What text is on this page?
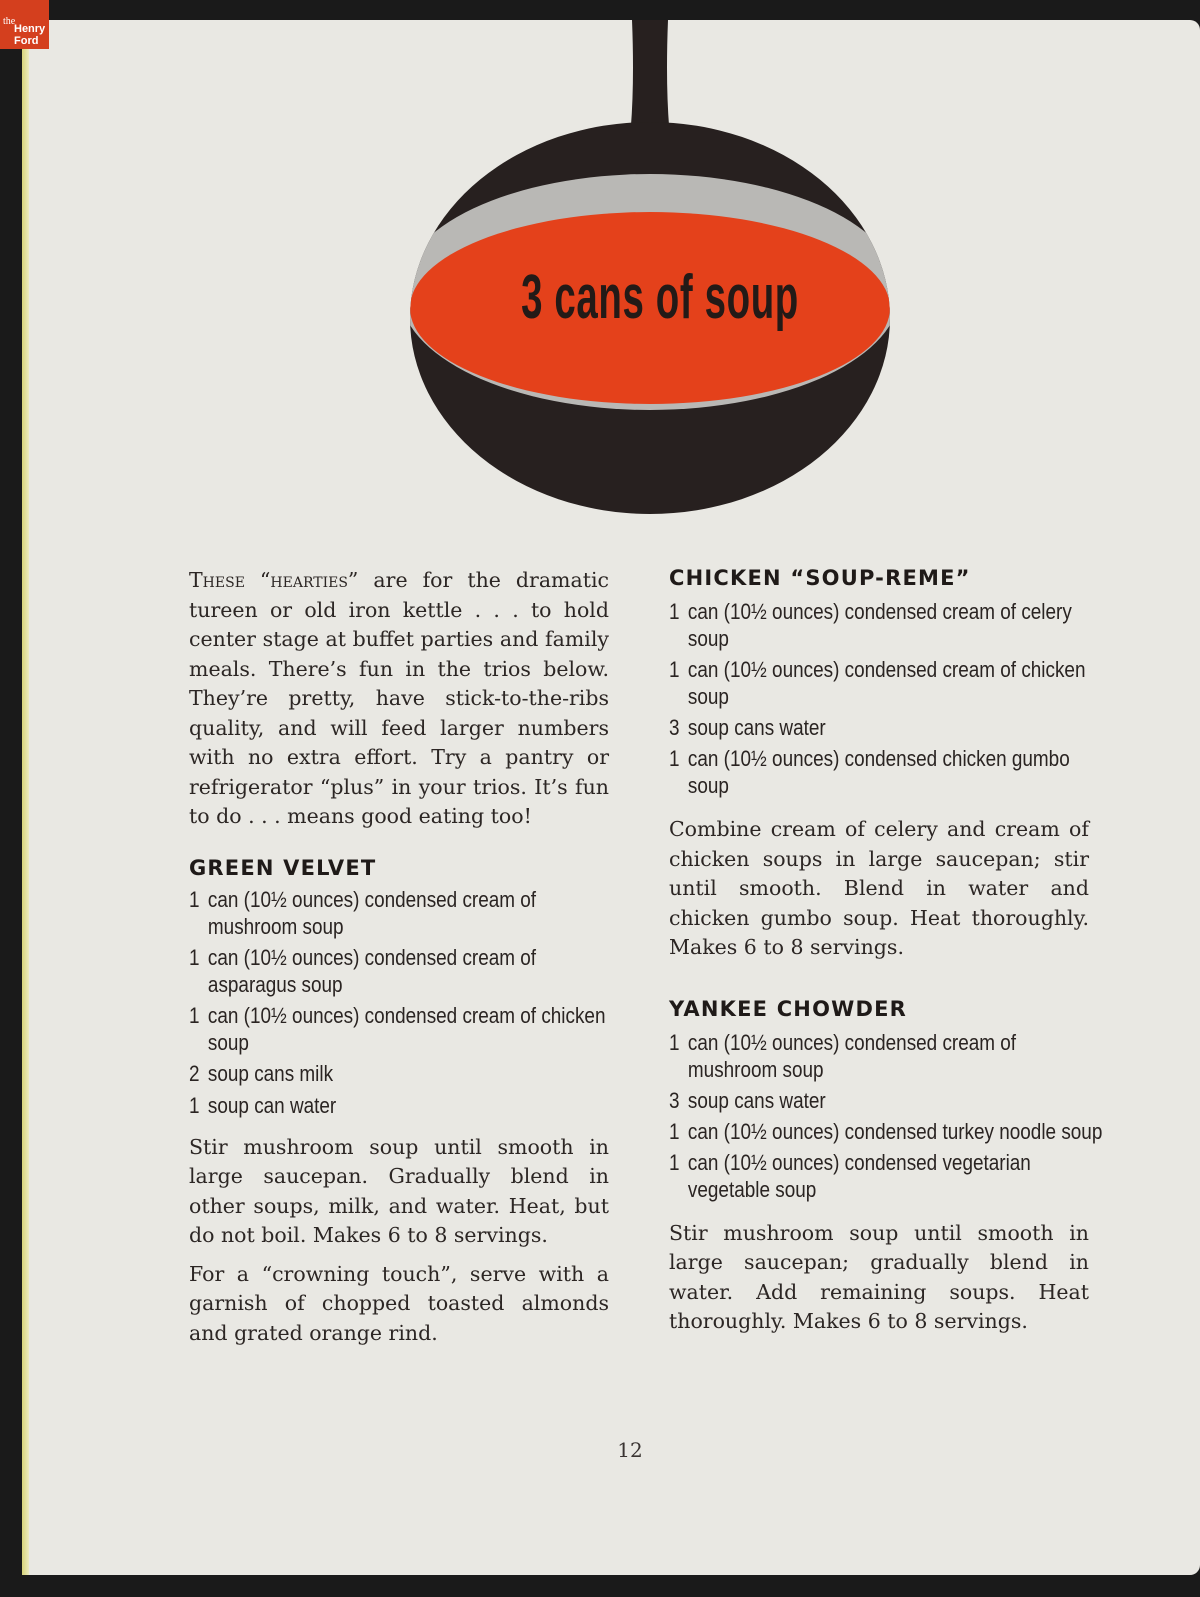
the
Henry
Ford
3 cans of soup

These “hearties” are for the dramatic tureen or old iron kettle . . . to hold center stage at buffet parties and family meals. There’s fun in the trios below. They’re pretty, have stick-to-the-ribs quality, and will feed larger numbers with no extra effort. Try a pantry or refrigerator “plus” in your trios. It’s fun to do . . . means good eating too!

GREEN VELVET
1 can (10½ ounces) condensed cream of mushroom soup
1 can (10½ ounces) condensed cream of asparagus soup
1 can (10½ ounces) condensed cream of chicken soup
2 soup cans milk
1 soup can water

Stir mushroom soup until smooth in large saucepan. Gradually blend in other soups, milk, and water. Heat, but do not boil. Makes 6 to 8 servings.

For a “crowning touch”, serve with a garnish of chopped toasted almonds and grated orange rind.

CHICKEN “SOUP-REME”
1 can (10½ ounces) condensed cream of celery soup
1 can (10½ ounces) condensed cream of chicken soup
3 soup cans water
1 can (10½ ounces) condensed chicken gumbo soup

Combine cream of celery and cream of chicken soups in large saucepan; stir until smooth. Blend in water and chicken gumbo soup. Heat thoroughly. Makes 6 to 8 servings.

YANKEE CHOWDER
1 can (10½ ounces) condensed cream of mushroom soup
3 soup cans water
1 can (10½ ounces) condensed turkey noodle soup
1 can (10½ ounces) condensed vegetarian vegetable soup

Stir mushroom soup until smooth in large saucepan; gradually blend in water. Add remaining soups. Heat thoroughly. Makes 6 to 8 servings.

12
